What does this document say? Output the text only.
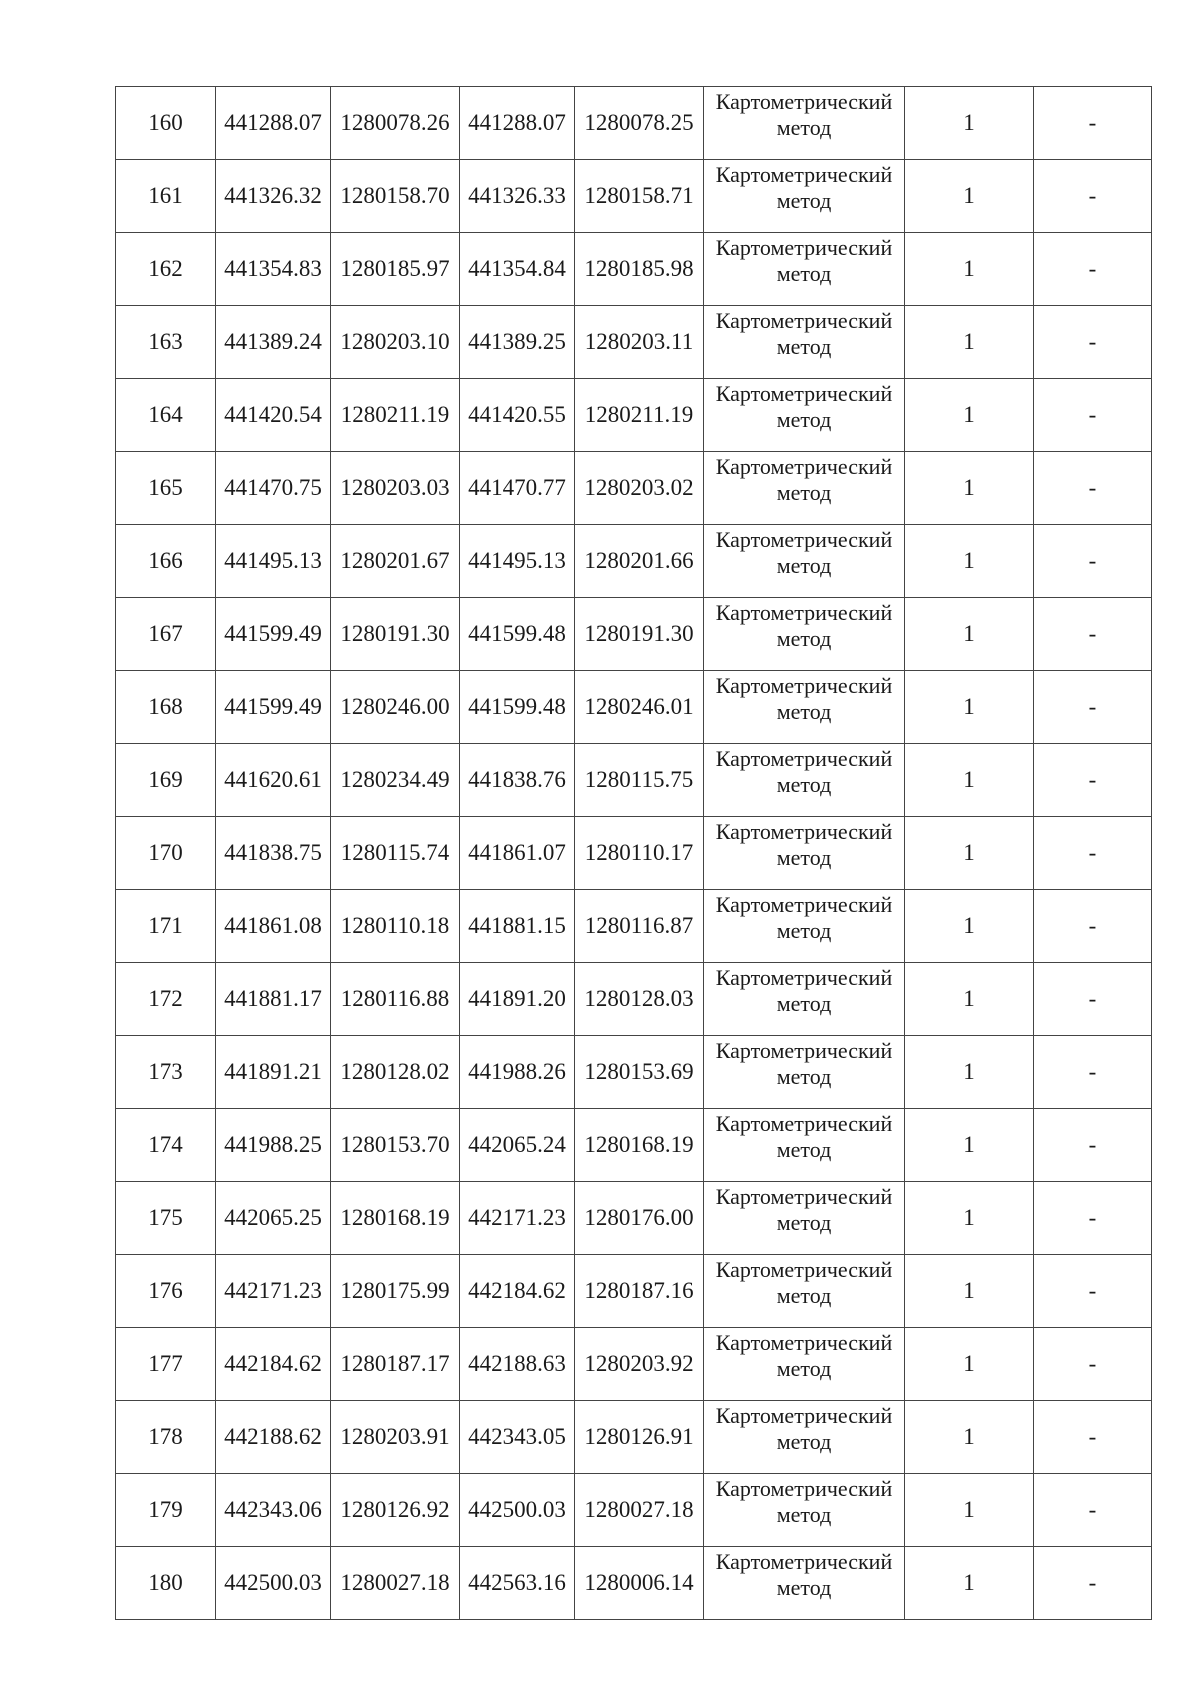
160	441288.07	1280078.26	441288.07	1280078.25	Картометрический
метод	1	-
161	441326.32	1280158.70	441326.33	1280158.71	Картометрический
метод	1	-
162	441354.83	1280185.97	441354.84	1280185.98	Картометрический
метод	1	-
163	441389.24	1280203.10	441389.25	1280203.11	Картометрический
метод	1	-
164	441420.54	1280211.19	441420.55	1280211.19	Картометрический
метод	1	-
165	441470.75	1280203.03	441470.77	1280203.02	Картометрический
метод	1	-
166	441495.13	1280201.67	441495.13	1280201.66	Картометрический
метод	1	-
167	441599.49	1280191.30	441599.48	1280191.30	Картометрический
метод	1	-
168	441599.49	1280246.00	441599.48	1280246.01	Картометрический
метод	1	-
169	441620.61	1280234.49	441838.76	1280115.75	Картометрический
метод	1	-
170	441838.75	1280115.74	441861.07	1280110.17	Картометрический
метод	1	-
171	441861.08	1280110.18	441881.15	1280116.87	Картометрический
метод	1	-
172	441881.17	1280116.88	441891.20	1280128.03	Картометрический
метод	1	-
173	441891.21	1280128.02	441988.26	1280153.69	Картометрический
метод	1	-
174	441988.25	1280153.70	442065.24	1280168.19	Картометрический
метод	1	-
175	442065.25	1280168.19	442171.23	1280176.00	Картометрический
метод	1	-
176	442171.23	1280175.99	442184.62	1280187.16	Картометрический
метод	1	-
177	442184.62	1280187.17	442188.63	1280203.92	Картометрический
метод	1	-
178	442188.62	1280203.91	442343.05	1280126.91	Картометрический
метод	1	-
179	442343.06	1280126.92	442500.03	1280027.18	Картометрический
метод	1	-
180	442500.03	1280027.18	442563.16	1280006.14	Картометрический
метод	1	-
